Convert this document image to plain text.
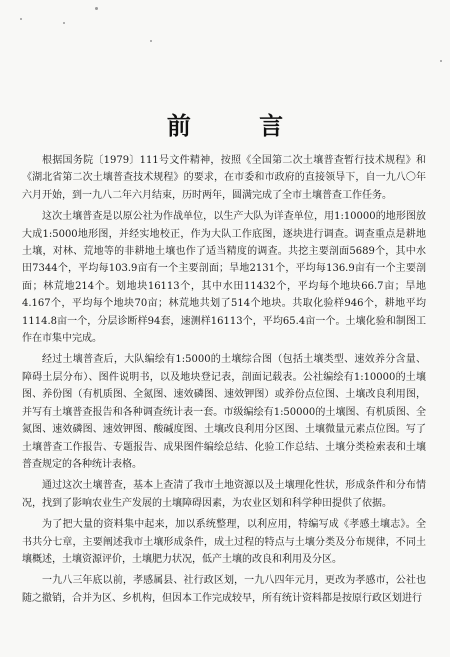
前 言

根据国务院〔1979〕111号文件精神，按照《全国第二次土壤普查暂行技术规程》和《湖北省第二次土壤普查技术规程》的要求，在市委和市政府的直接领导下，自一九八〇年六月开始，到一九八二年六月结束，历时两年，圆满完成了全市土壤普查工作任务。

这次土壤普查是以原公社为作战单位，以生产大队为详查单位，用1:10000的地形图放大成1:5000地形图，并经实地校正，作为大队工作底图，逐块进行调查。调查重点是耕地土壤，对林、荒地等的非耕地土壤也作了适当精度的调查。共挖主要剖面5689个，其中水田7344个，平均每103.9亩有一个主要剖面；旱地2131个，平均每136.9亩有一个主要剖面；林荒地214个。划地块16113个，其中水田11432个，平均每个地块66.7亩；旱地4.167个，平均每个地块70亩；林荒地共划了514个地块。共取化验样946个，耕地平均1114.8亩一个，分层诊断样94套，速测样16113个，平均65.4亩一个。土壤化验和制图工作在市集中完成。

经过土壤普查后，大队编绘有1:5000的土壤综合图（包括土壤类型、速效养分含量、障碍土层分布）、图件说明书，以及地块登记表，剖面记载表。公社编绘有1:10000的土壤图、养份图（有机质图、全氮图、速效磷图、速效钾图）或养份点位图、土壤改良利用图，并写有土壤普查报告和各种调查统计表一套。市级编绘有1:50000的土壤图、有机质图、全氮图、速效磷图、速效钾图、酸碱度图、土壤改良利用分区图、土壤微量元素点位图。写了土壤普查工作报告、专题报告、成果图件编绘总结、化验工作总结、土壤分类检索表和土壤普查规定的各种统计表格。

通过这次土壤普查，基本上查清了我市土地资源以及土壤理化性状，形成条件和分布情况，找到了影响农业生产发展的土壤障碍因素，为农业区划和科学种田提供了依据。

为了把大量的资料集中起来，加以系统整理，以利应用，特编写成《孝感土壤志》。全书共分七章，主要阐述我市土壤形成条件，成土过程的特点与土壤分类及分布规律，不同土壤概述，土壤资源评价，土壤肥力状况，低产土壤的改良和利用及分区。

一九八三年底以前，孝感属县、社行政区划，一九八四年元月，更改为孝感市，公社也随之撤销，合并为区、乡机构，但因本工作完成较早，所有统计资料都是按原行政区划进行
